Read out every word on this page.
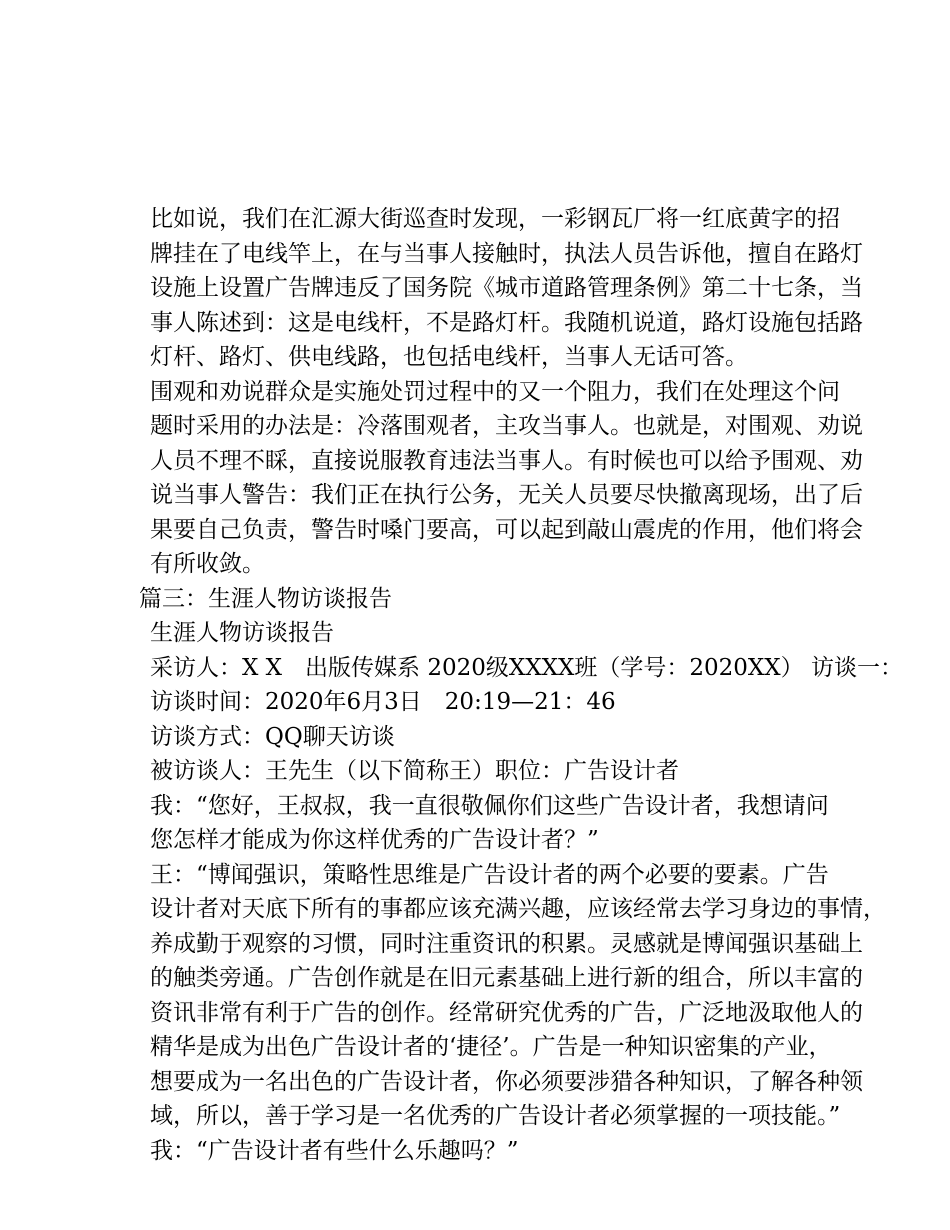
比如说，我们在汇源大街巡查时发现，一彩钢瓦厂将一红底黄字的招
牌挂在了电线竿上，在与当事人接触时，执法人员告诉他，擅自在路灯
设施上设置广告牌违反了国务院《城市道路管理条例》第二十七条，当
事人陈述到：这是电线杆，不是路灯杆。我随机说道，路灯设施包括路
灯杆、路灯、供电线路，也包括电线杆，当事人无话可答。

围观和劝说群众是实施处罚过程中的又一个阻力，我们在处理这个问
题时采用的办法是：冷落围观者，主攻当事人。也就是，对围观、劝说
人员不理不睬，直接说服教育违法当事人。有时候也可以给予围观、劝
说当事人警告：我们正在执行公务，无关人员要尽快撤离现场，出了后
果要自己负责，警告时嗓门要高，可以起到敲山震虎的作用，他们将会
有所收敛。

篇三：生涯人物访谈报告

生涯人物访谈报告

采访人：X X　出版传媒系 2020级XXXX班（学号：2020XX） 访谈一：

访谈时间：2020年6月3日　20:19—21：46

访谈方式：QQ聊天访谈

被访谈人：王先生（以下简称王）职位：广告设计者

我：“您好，王叔叔，我一直很敬佩你们这些广告设计者，我想请问
您怎样才能成为你这样优秀的广告设计者？”

王：“博闻强识，策略性思维是广告设计者的两个必要的要素。广告
设计者对天底下所有的事都应该充满兴趣，应该经常去学习身边的事情，
养成勤于观察的习惯，同时注重资讯的积累。灵感就是博闻强识基础上
的触类旁通。广告创作就是在旧元素基础上进行新的组合，所以丰富的
资讯非常有利于广告的创作。经常研究优秀的广告，广泛地汲取他人的
精华是成为出色广告设计者的‘捷径’。广告是一种知识密集的产业，
想要成为一名出色的广告设计者，你必须要涉猎各种知识，了解各种领
域，所以，善于学习是一名优秀的广告设计者必须掌握的一项技能。”

我：“广告设计者有些什么乐趣吗？”
